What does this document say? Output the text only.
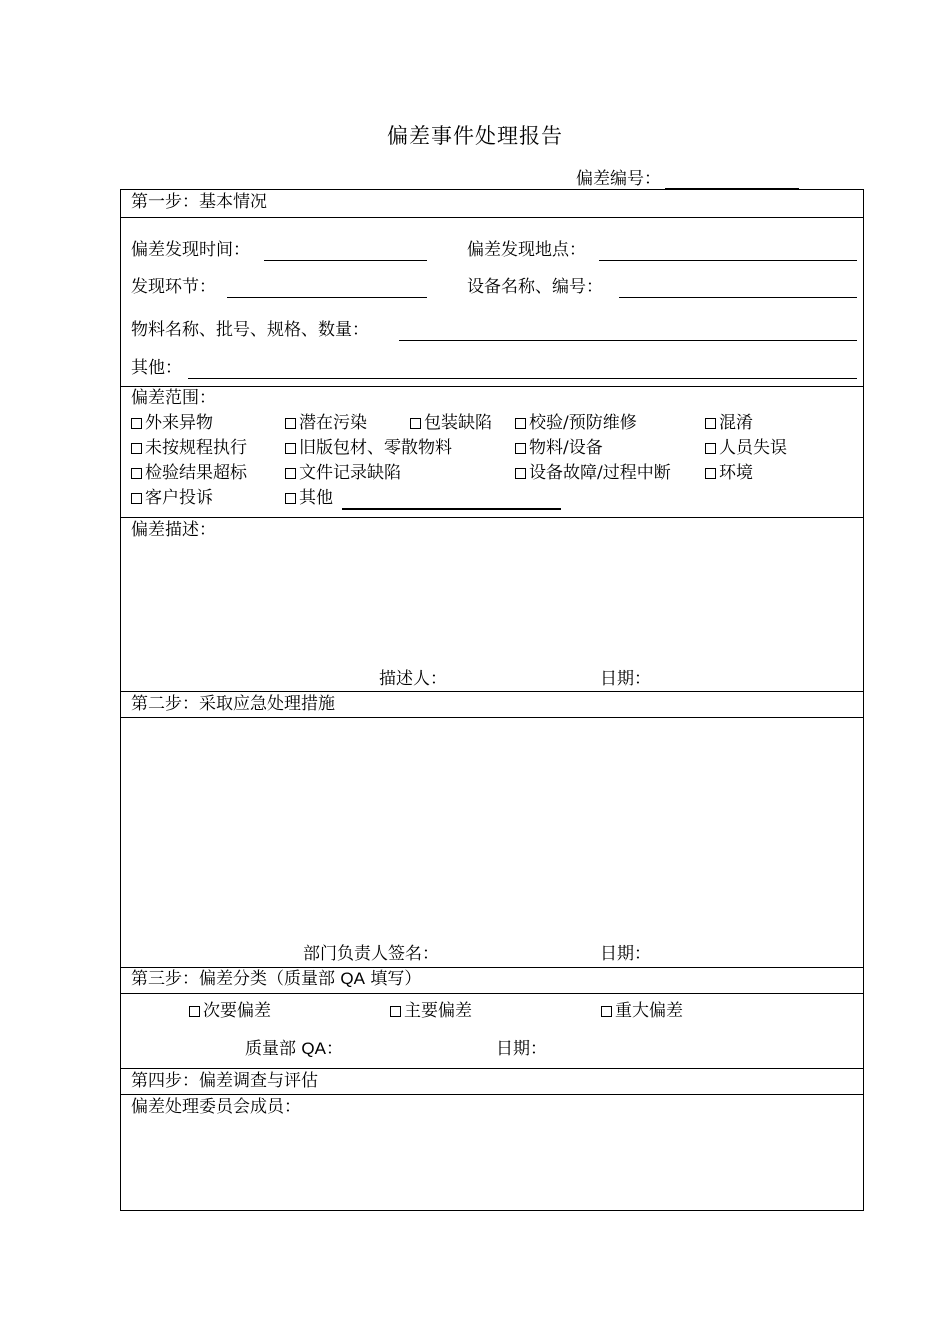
偏差事件处理报告
偏差编号：
第一步：基本情况
偏差发现时间：	偏差发现地点：
发现环节：	设备名称、编号：
物料名称、批号、规格、数量：
其他：
偏差范围：
外来异物	潜在污染	包装缺陷	校验/预防维修	混淆
未按规程执行	旧版包材、零散物料	物料/设备	人员失误
检验结果超标	文件记录缺陷	设备故障/过程中断	环境
客户投诉	其他
偏差描述：
描述人：	日期：
第二步：采取应急处理措施
部门负责人签名：	日期：
第三步：偏差分类（质量部 QA 填写）
次要偏差	主要偏差	重大偏差
质量部 QA：	日期：
第四步：偏差调查与评估
偏差处理委员会成员：
